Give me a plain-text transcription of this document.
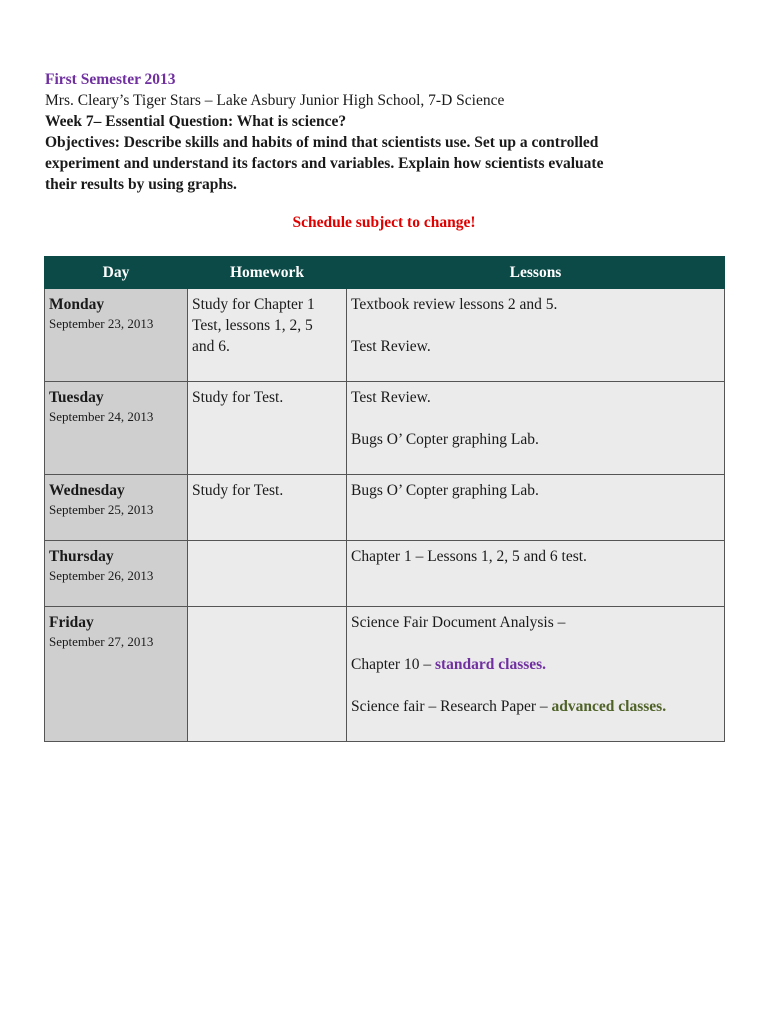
First Semester 2013
Mrs. Cleary’s Tiger Stars – Lake Asbury Junior High School, 7-D Science
Week 7– Essential Question: What is science?
Objectives: Describe skills and habits of mind that scientists use. Set up a controlled
experiment and understand its factors and variables. Explain how scientists evaluate
their results by using graphs.
Schedule subject to change!
Day	Homework	Lessons

Monday
September 23, 2013	Study for Chapter 1
Test, lessons 1, 2, 5
and 6.	Textbook review lessons 2 and 5.
Test Review.

Tuesday
September 24, 2013	Study for Test.	Test Review.
Bugs O’ Copter graphing Lab.

Wednesday
September 25, 2013	Study for Test.	Bugs O’ Copter graphing Lab.

Thursday
September 26, 2013		Chapter 1 – Lessons 1, 2, 5 and 6 test.

Friday
September 27, 2013		Science Fair Document Analysis –
Chapter 10 – standard classes.
Science fair – Research Paper – advanced classes.
